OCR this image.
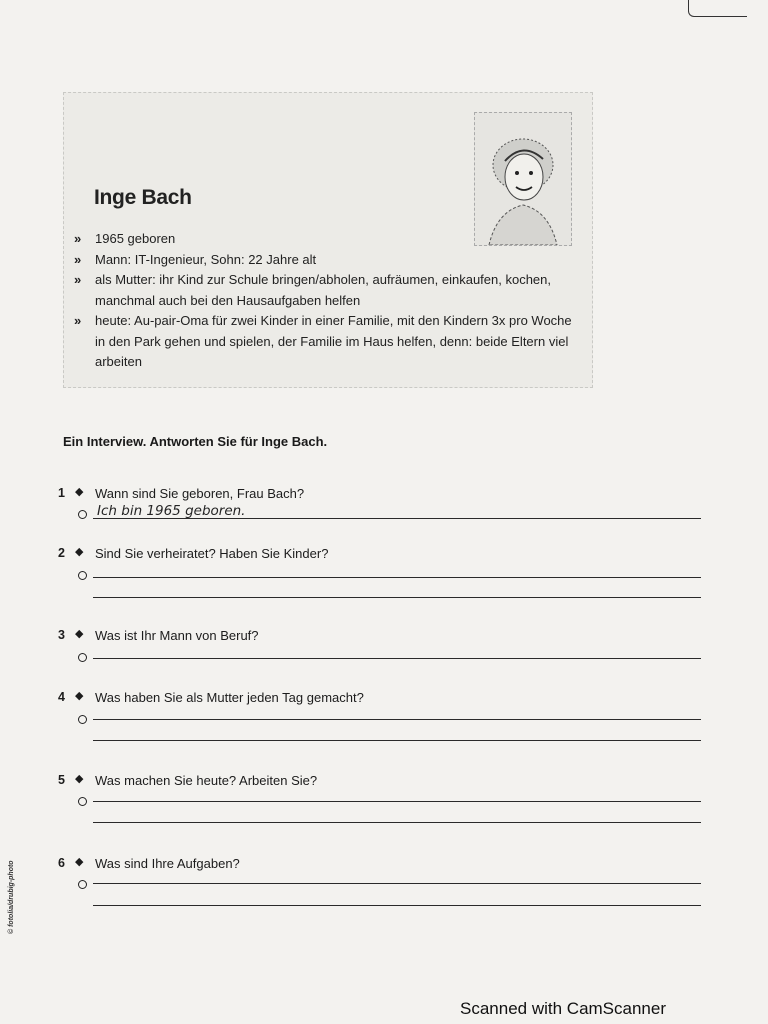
Inge Bach
» 1965 geboren
» Mann: IT-Ingenieur, Sohn: 22 Jahre alt
» als Mutter: ihr Kind zur Schule bringen/abholen, aufräumen, einkaufen, kochen, manchmal auch bei den Hausaufgaben helfen
» heute: Au-pair-Oma für zwei Kinder in einer Familie, mit den Kindern 3x pro Woche in den Park gehen und spielen, der Familie im Haus helfen, denn: beide Eltern viel arbeiten
Ein Interview. Antworten Sie für Inge Bach.
1 ◆ Wann sind Sie geboren, Frau Bach?
Ich bin 1965 geboren.
2 ◆ Sind Sie verheiratet? Haben Sie Kinder?
3 ◆ Was ist Ihr Mann von Beruf?
4 ◆ Was haben Sie als Mutter jeden Tag gemacht?
5 ◆ Was machen Sie heute? Arbeiten Sie?
6 ◆ Was sind Ihre Aufgaben?
© fotolia/drubig-photo
Scanned with CamScanner
